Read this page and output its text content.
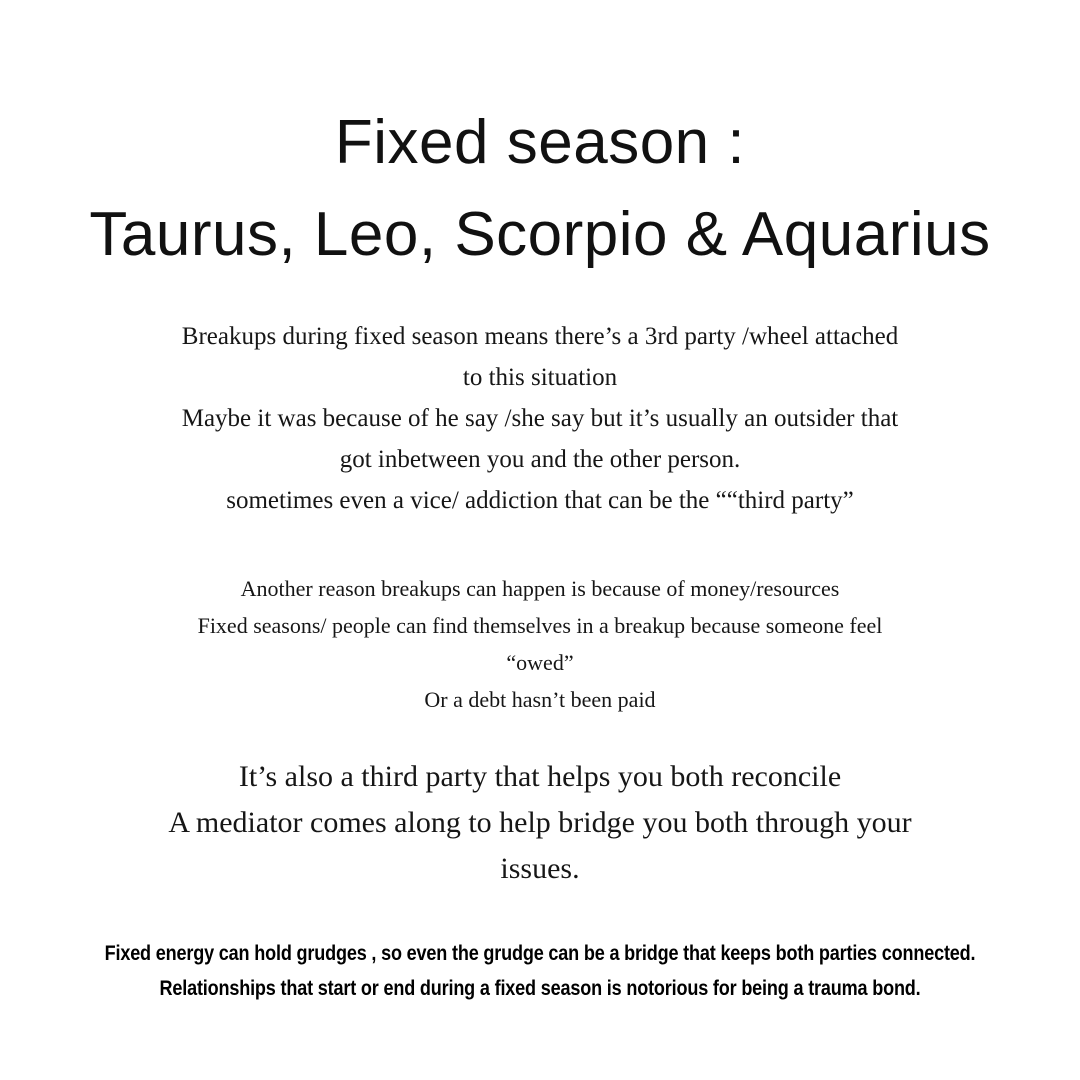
Fixed season :
Taurus, Leo, Scorpio & Aquarius
Breakups during fixed season means there’s a 3rd party /wheel attached
to this situation
Maybe it was because of he say /she say but it’s usually an outsider that
got inbetween you and the other person.
sometimes even a vice/ addiction that can be the ““third party”
Another reason breakups can happen is because of money/resources
Fixed seasons/ people can find themselves in a breakup because someone feel
“owed”
Or a debt hasn’t been paid
It’s also a third party that helps you both reconcile
A mediator comes along to help bridge you both through your
issues.
Fixed energy can hold grudges , so even the grudge can be a bridge that keeps both parties connected.
Relationships that start or end during a fixed season is notorious for being a trauma bond.
